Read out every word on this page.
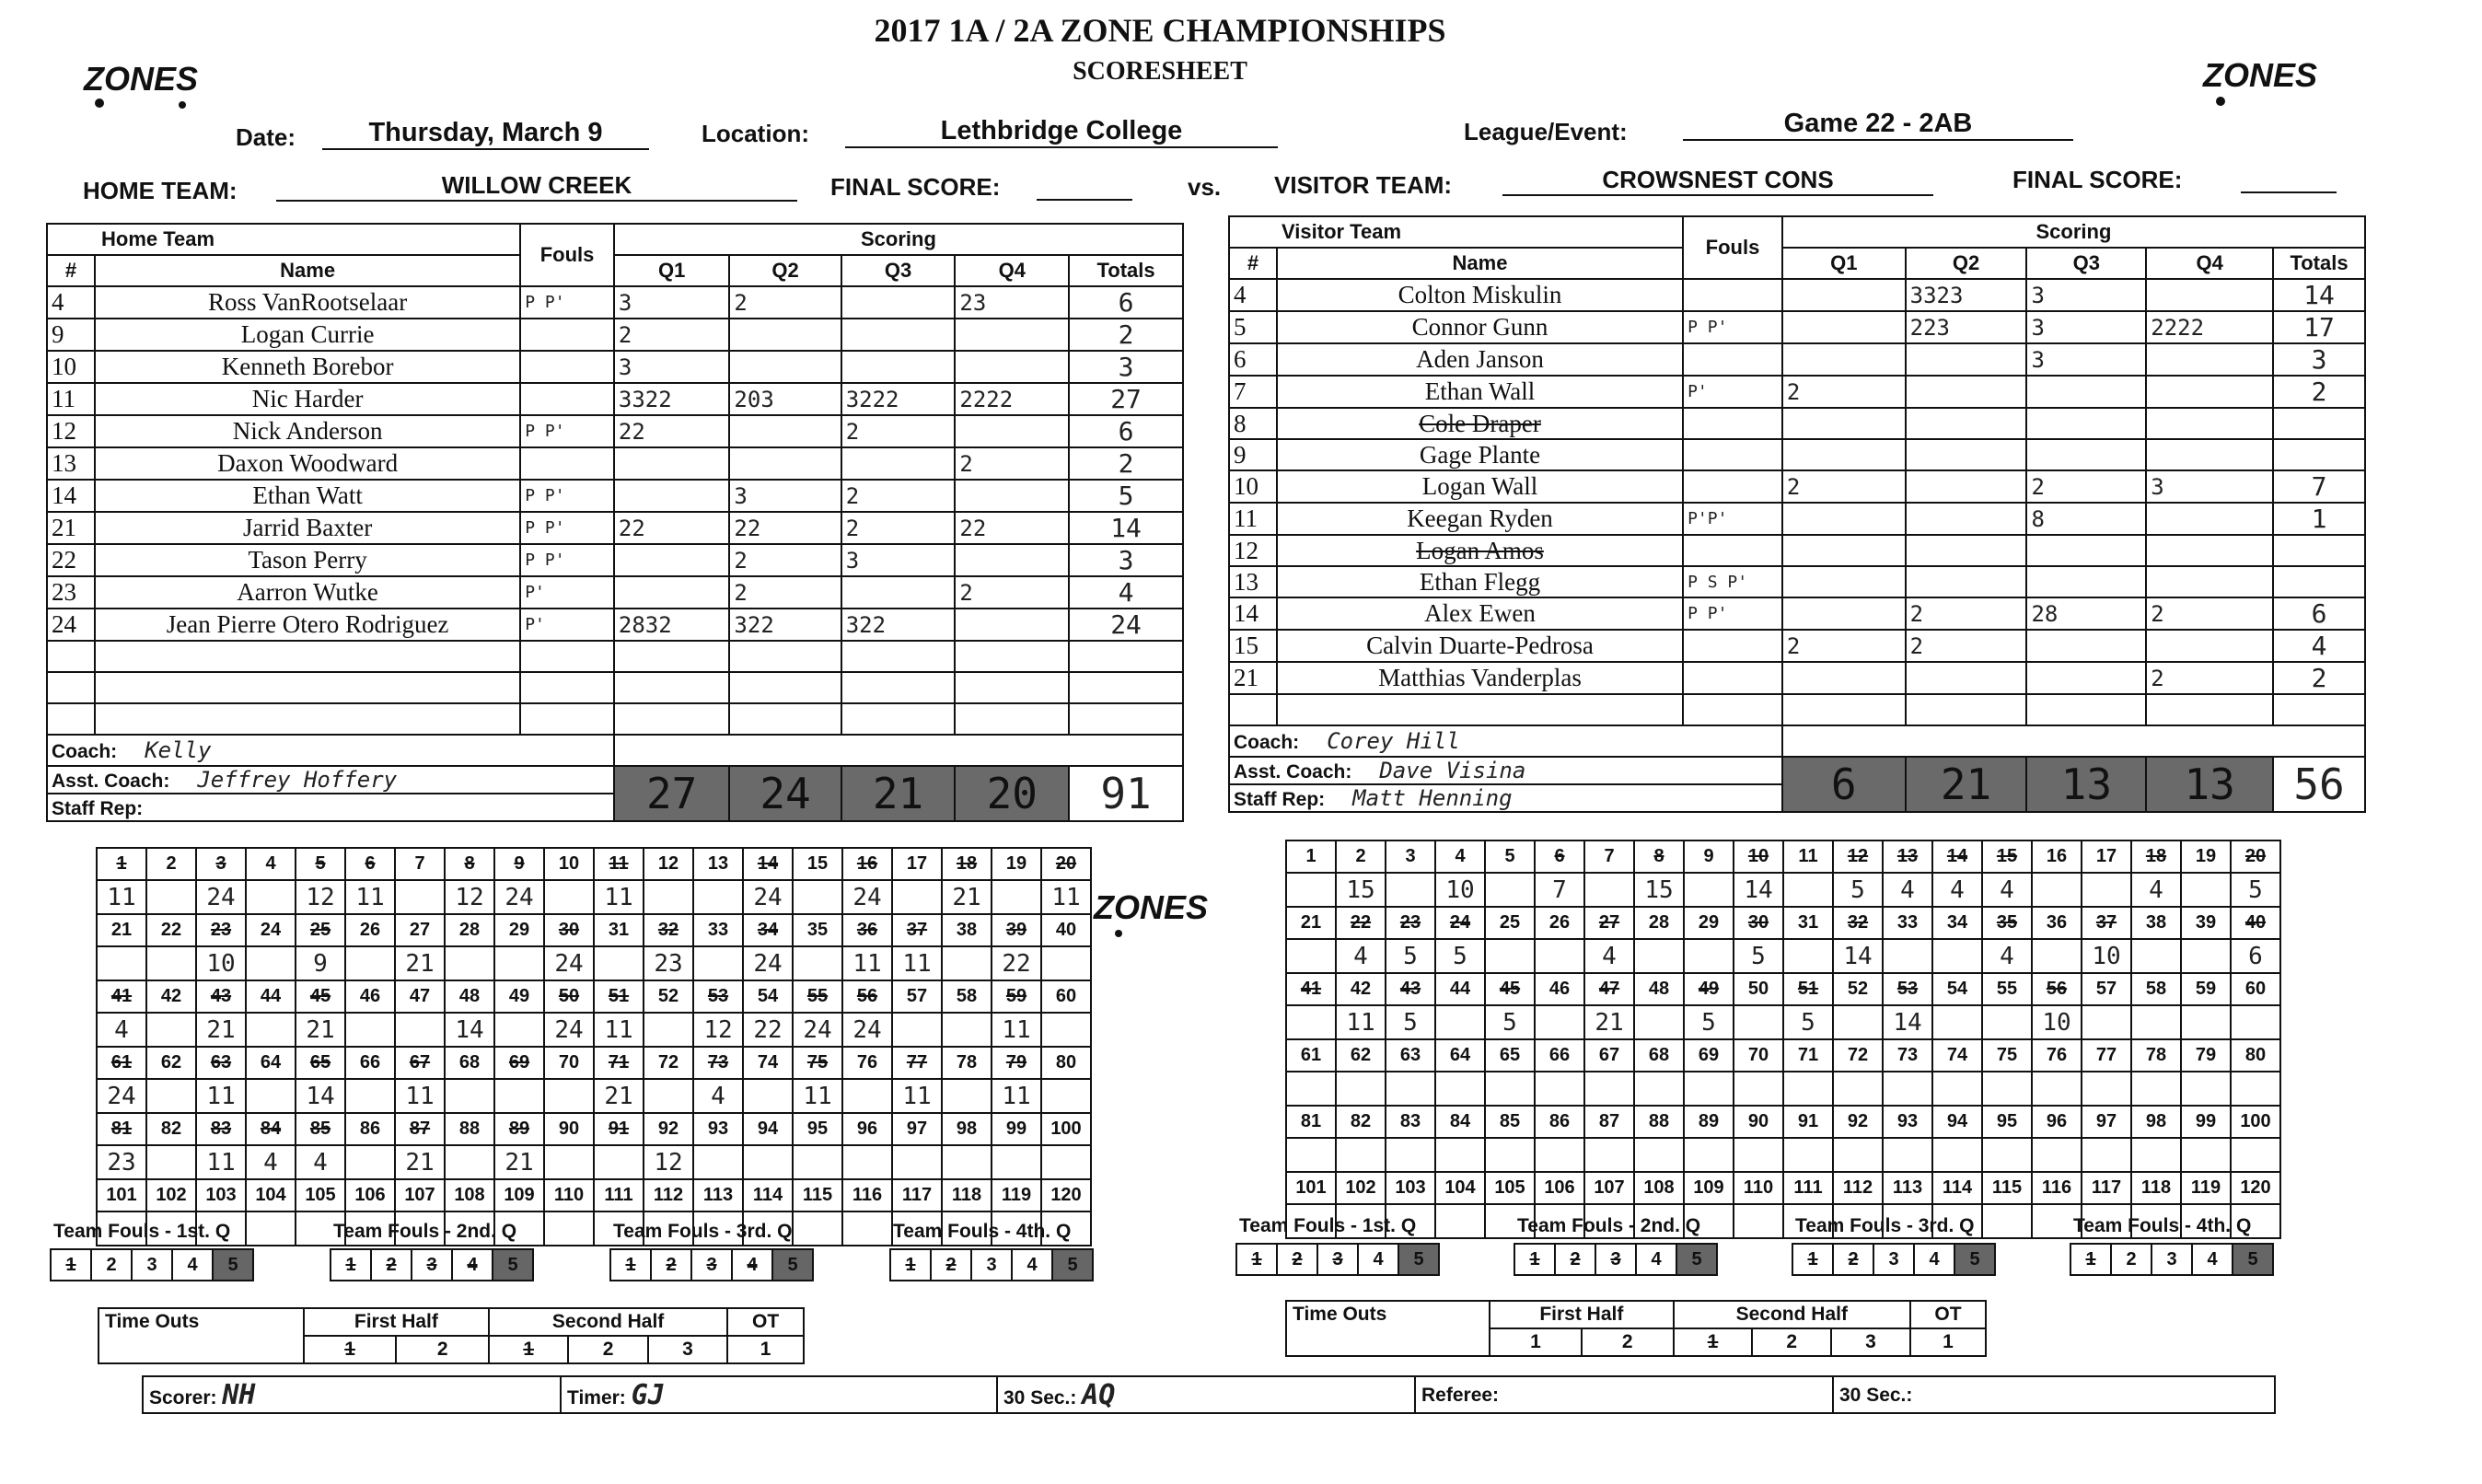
ZONES	ZONES
ZONES
2017 1A / 2A ZONE CHAMPIONSHIPS
SCORESHEET
Date:	Thursday, March 9	Location:	Lethbridge College	League/Event:	Game 22 - 2AB
HOME TEAM:	WILLOW CREEK	FINAL SCORE:	vs. VISITOR TEAM:	CROWSNEST CONS	FINAL SCORE:
Home Team		Fouls	Scoring				
#	Name		Q1	Q2	Q3	Q4	Totals
4	Ross VanRootselaar	P P'	3	2		23	6
9	Logan Currie		2				2
10	Kenneth Borebor		3				3
11	Nic Harder		3322	203	3222	2222	27
12	Nick Anderson	P P'	22		2		6
13	Daxon Woodward					2	2
14	Ethan Watt	P P'		3	2		5
21	Jarrid Baxter	P P'	22	22	2	22	14
22	Tason Perry	P P'		2	3		3
23	Aarron Wutke	P'		2		2	4
24	Jean Pierre Otero Rodriguez	P'	2832	322	322		24

Coach: Kelly							
Asst. Coach: Jeffrey Hoffery			27	24	21	20	91
Staff Rep:							
Visitor Team		Fouls	Scoring				
#	Name		Q1	Q2	Q3	Q4	Totals
4	Colton Miskulin			3323	3		14
5	Connor Gunn	P P'		223	3	2222	17
6	Aden Janson				3		3
7	Ethan Wall	P'	2				2
8	Cole Draper						
9	Gage Plante						
10	Logan Wall		2		2	3	7
11	Keegan Ryden	P'P'			8		1
12	Logan Amos						
13	Ethan Flegg	P S P'					
14	Alex Ewen	P P'		2	28	2	6
15	Calvin Duarte-Pedrosa		2	2			4
21	Matthias Vanderplas					2	2

Coach: Corey Hill							
Asst. Coach: Dave Visina			6	21	13	13	56
Staff Rep: Matt Henning							
1	2	3	4	5	6	7	8	9	10	11	12	13	14	15	16	17	18	19	20
11		24		12	11		12	24		11			24		24		21		11
21	22	23	24	25	26	27	28	29	30	31	32	33	34	35	36	37	38	39	40
		10		9		21			24		23		24		11	11		22	
41	42	43	44	45	46	47	48	49	50	51	52	53	54	55	56	57	58	59	60
4		21		21			14		24	11		12	22	24	24			11	
61	62	63	64	65	66	67	68	69	70	71	72	73	74	75	76	77	78	79	80
24		11		14		11				21		4		11		11		11	
81	82	83	84	85	86	87	88	89	90	91	92	93	94	95	96	97	98	99	100
23		11	4	4		21		21			12								
101	102	103	104	105	106	107	108	109	110	111	112	113	114	115	116	117	118	119	120

1	2	3	4	5	6	7	8	9	10	11	12	13	14	15	16	17	18	19	20
	15		10		7		15		14		5	4	4	4			4		5
21	22	23	24	25	26	27	28	29	30	31	32	33	34	35	36	37	38	39	40
	4	5	5			4			5		14			4		10			6
41	42	43	44	45	46	47	48	49	50	51	52	53	54	55	56	57	58	59	60
	11	5		5		21		5		5		14			10				
61	62	63	64	65	66	67	68	69	70	71	72	73	74	75	76	77	78	79	80

81	82	83	84	85	86	87	88	89	90	91	92	93	94	95	96	97	98	99	100

101	102	103	104	105	106	107	108	109	110	111	112	113	114	115	116	117	118	119	120

Team Fouls - 1st. Q
1	2	3	4	5
Team Fouls - 2nd. Q
1	2	3	4	5
Team Fouls - 3rd. Q
1	2	3	4	5
Team Fouls - 4th. Q
1	2	3	4	5
Team Fouls - 1st. Q
1	2	3	4	5
Team Fouls - 2nd. Q
1	2	3	4	5
Team Fouls - 3rd. Q
1	2	3	4	5
Team Fouls - 4th. Q
1	2	3	4	5
Time Outs	First Half		Second Half			OT
	1	2	1	2	3	1
Time Outs	First Half		Second Half			OT
	1	2	1	2	3	1
Scorer: NH	Timer: GJ	30 Sec.: AQ	Referee:	30 Sec.:
